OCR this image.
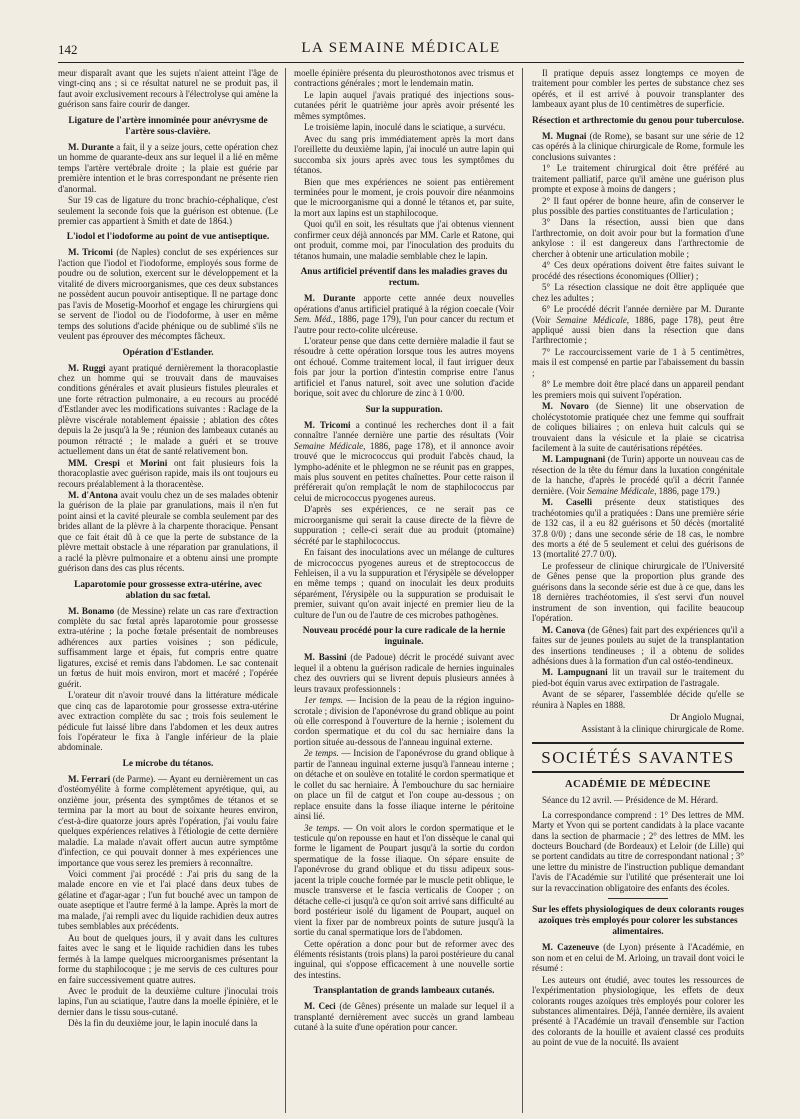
142	LA SEMAINE MÉDICALE

meur disparaît avant que les sujets n'aient atteint l'âge de vingt-cinq ans ; si ce résultat naturel ne se produit pas, il faut avoir exclusivement recours à l'électrolyse qui amène la guérison sans faire courir de danger.

Ligature de l'artère innominée pour anévrysme de l'artère sous-clavière.

M. Durante a fait, il y a seize jours, cette opération chez un homme de quarante-deux ans sur lequel il a lié en même temps l'artère vertébrale droite ; la plaie est guérie par première intention et le bras correspondant ne présente rien d'anormal.

Sur 19 cas de ligature du tronc brachio-céphalique, c'est seulement la seconde fois que la guérison est obtenue. (Le premier cas appartient à Smith et date de 1864.)

L'iodol et l'iodoforme au point de vue antiseptique.

M. Tricomi (de Naples) conclut de ses expériences sur l'action que l'iodol et l'iodoforme, employés sous forme de poudre ou de solution, exercent sur le développement et la vitalité de divers microorganismes, que ces deux substances ne possèdent aucun pouvoir antiseptique. Il ne partage donc pas l'avis de Mosetig-Moorhof et engage les chirurgiens qui se servent de l'iodol ou de l'iodoforme, à user en même temps des solutions d'acide phénique ou de sublimé s'ils ne veulent pas éprouver des mécomptes fâcheux.

Opération d'Estlander.

M. Ruggi ayant pratiqué dernièrement la thoracoplastie chez un homme qui se trouvait dans de mauvaises conditions générales et avait plusieurs fistules pleurales et une forte rétraction pulmonaire, a eu recours au procédé d'Estlander avec les modifications suivantes : Raclage de la plèvre viscérale notablement épaissie ; ablation des côtes depuis la 2e jusqu'à la 9e ; réunion des lambeaux cutanés au poumon rétracté ; le malade a guéri et se trouve actuellement dans un état de santé relativement bon.

MM. Crespi et Morini ont fait plusieurs fois la thoracoplastie avec guérison rapide, mais ils ont toujours eu recours préalablement à la thoracentèse.

M. d'Antona avait voulu chez un de ses malades obtenir la guérison de la plaie par granulations, mais il n'en fut point ainsi et la cavité pleurale se combla seulement par des brides allant de la plèvre à la charpente thoracique. Pensant que ce fait était dû à ce que la perte de substance de la plèvre mettait obstacle à une réparation par granulations, il a raclé la plèvre pulmonaire et a obtenu ainsi une prompte guérison dans des cas plus récents.

Laparotomie pour grossesse extra-utérine, avec ablation du sac fœtal.

M. Bonamo (de Messine) relate un cas rare d'extraction complète du sac fœtal après laparotomie pour grossesse extra-utérine ; la poche fœtale présentait de nombreuses adhérences aux parties voisines ; son pédicule, suffisamment large et épais, fut compris entre quatre ligatures, excisé et remis dans l'abdomen. Le sac contenait un fœtus de huit mois environ, mort et macéré ; l'opérée guérit.

L'orateur dit n'avoir trouvé dans la littérature médicale que cinq cas de laparotomie pour grossesse extra-utérine avec extraction complète du sac ; trois fois seulement le pédicule fut laissé libre dans l'abdomen et les deux autres fois l'opérateur le fixa à l'angle inférieur de la plaie abdominale.

Le microbe du tétanos.

M. Ferrari (de Parme). — Ayant eu dernièrement un cas d'ostéomyélite à forme complètement apyrétique, qui, au onzième jour, présenta des symptômes de tétanos et se termina par la mort au bout de soixante heures environ, c'est-à-dire quatorze jours après l'opération, j'ai voulu faire quelques expériences relatives à l'étiologie de cette dernière maladie. La malade n'avait offert aucun autre symptôme d'infection, ce qui pouvait donner à mes expériences une importance que vous serez les premiers à reconnaître.

Voici comment j'ai procédé : J'ai pris du sang de la malade encore en vie et l'ai placé dans deux tubes de gélatine et d'agar-agar ; l'un fut bouché avec un tampon de ouate aseptique et l'autre fermé à la lampe. Après la mort de ma malade, j'ai rempli avec du liquide rachidien deux autres tubes semblables aux précédents.

Au bout de quelques jours, il y avait dans les cultures faites avec le sang et le liquide rachidien dans les tubes fermés à la lampe quelques microorganismes présentant la forme du staphilocoque ; je me servis de ces cultures pour en faire successivement quatre autres.

Avec le produit de la deuxième culture j'inoculai trois lapins, l'un au sciatique, l'autre dans la moelle épinière, et le dernier dans le tissu sous-cutané.

Dès la fin du deuxième jour, le lapin inoculé dans la

moelle épinière présenta du pleurosthotonos avec trismus et contractions générales ; mort le lendemain matin.

Le lapin auquel j'avais pratiqué des injections sous-cutanées périt le quatrième jour après avoir présenté les mêmes symptômes.

Le troisième lapin, inoculé dans le sciatique, a survécu.

Avec du sang pris immédiatement après la mort dans l'oreillette du deuxième lapin, j'ai inoculé un autre lapin qui succomba six jours après avec tous les symptômes du tétanos.

Bien que mes expériences ne soient pas entièrement terminées pour le moment, je crois pouvoir dire néanmoins que le microorganisme qui a donné le tétanos et, par suite, la mort aux lapins est un staphilocoque.

Quoi qu'il en soit, les résultats que j'ai obtenus viennent confirmer ceux déjà annoncés par MM. Carle et Ratone, qui ont produit, comme moi, par l'inoculation des produits du tétanos humain, une maladie semblable chez le lapin.

Anus artificiel préventif dans les maladies graves du rectum.

M. Durante apporte cette année deux nouvelles opérations d'anus artificiel pratiqué à la région coecale (Voir Sem. Méd., 1886, page 179), l'un pour cancer du rectum et l'autre pour recto-colite ulcéreuse.

L'orateur pense que dans cette dernière maladie il faut se résoudre à cette opération lorsque tous les autres moyens ont échoué. Comme traitement local, il faut irriguer deux fois par jour la portion d'intestin comprise entre l'anus artificiel et l'anus naturel, soit avec une solution d'acide borique, soit avec du chlorure de zinc à 1 0/00.

Sur la suppuration.

M. Tricomi a continué les recherches dont il a fait connaître l'année dernière une partie des résultats (Voir Semaine Médicale, 1886, page 178), et il annonce avoir trouvé que le micrococcus qui produit l'abcès chaud, la lympho-adénite et le phlegmon ne se réunit pas en grappes, mais plus souvent en petites chaînettes. Pour cette raison il préférerait qu'on remplaçât le nom de staphilococcus par celui de micrococcus pyogenes aureus.

D'après ses expériences, ce ne serait pas ce microorganisme qui serait la cause directe de la fièvre de suppuration ; celle-ci serait due au produit (ptomaïne) sécrété par le staphilococcus.

En faisant des inoculations avec un mélange de cultures de micrococcus pyogenes aureus et de streptococcus de Fehleisen, il a vu la suppuration et l'érysipèle se développer en même temps ; quand on inoculait les deux produits séparément, l'érysipèle ou la suppuration se produisait le premier, suivant qu'on avait injecté en premier lieu de la culture de l'un ou de l'autre de ces microbes pathogènes.

Nouveau procédé pour la cure radicale de la hernie inguinale.

M. Bassini (de Padoue) décrit le procédé suivant avec lequel il a obtenu la guérison radicale de hernies inguinales chez des ouvriers qui se livrent depuis plusieurs années à leurs travaux professionnels :

1er temps. — Incision de la peau de la région inguino-scrotale ; division de l'aponévrose du grand oblique au point où elle correspond à l'ouverture de la hernie ; isolement du cordon spermatique et du col du sac herniaire dans la portion située au-dessous de l'anneau inguinal externe.

2e temps. — Incision de l'aponévrose du grand oblique à partir de l'anneau inguinal externe jusqu'à l'anneau interne ; on détache et on soulève en totalité le cordon spermatique et le collet du sac herniaire. À l'embouchure du sac herniaire on place un fil de catgut et l'on coupe au-dessous ; on replace ensuite dans la fosse iliaque interne le péritoine ainsi lié.

3e temps. — On voit alors le cordon spermatique et le testicule qu'on repousse en haut et l'on dissèque le canal qui forme le ligament de Poupart jusqu'à la sortie du cordon spermatique de la fosse iliaque. On sépare ensuite de l'aponévrose du grand oblique et du tissu adipeux sous-jacent la triple couche formée par le muscle petit oblique, le muscle transverse et le fascia verticalis de Cooper ; on détache celle-ci jusqu'à ce qu'on soit arrivé sans difficulté au bord postérieur isolé du ligament de Poupart, auquel on vient la fixer par de nombreux points de suture jusqu'à la sortie du canal spermatique lors de l'abdomen.

Cette opération a donc pour but de reformer avec des éléments résistants (trois plans) la paroi postérieure du canal inguinal, qui s'oppose efficacement à une nouvelle sortie des intestins.

Transplantation de grands lambeaux cutanés.

M. Ceci (de Gênes) présente un malade sur lequel il a transplanté dernièrement avec succès un grand lambeau cutané à la suite d'une opération pour cancer.

Il pratique depuis assez longtemps ce moyen de traitement pour combler les pertes de substance chez ses opérés, et il est arrivé à pouvoir transplanter des lambeaux ayant plus de 10 centimètres de superficie.

Résection et arthrectomie du genou pour tuberculose.

M. Mugnai (de Rome), se basant sur une série de 12 cas opérés à la clinique chirurgicale de Rome, formule les conclusions suivantes :

1° Le traitement chirurgical doit être préféré au traitement palliatif, parce qu'il amène une guérison plus prompte et expose à moins de dangers ;

2° Il faut opérer de bonne heure, afin de conserver le plus possible des parties constituantes de l'articulation ;

3° Dans la résection, aussi bien que dans l'arthrectomie, on doit avoir pour but la formation d'une ankylose : il est dangereux dans l'arthrectomie de chercher à obtenir une articulation mobile ;

4° Ces deux opérations doivent être faites suivant le procédé des résections économiques (Ollier) ;

5° La résection classique ne doit être appliquée que chez les adultes ;

6° Le procédé décrit l'année dernière par M. Durante (Voir Semaine Médicale, 1886, page 178), peut être appliqué aussi bien dans la résection que dans l'arthrectomie ;

7° Le raccourcissement varie de 1 à 5 centimètres, mais il est compensé en partie par l'abaissement du bassin ;

8° Le membre doit être placé dans un appareil pendant les premiers mois qui suivent l'opération.

M. Novaro (de Sienne) lit une observation de cholécystotomie pratiquée chez une femme qui souffrait de coliques biliaires ; on enleva huit calculs qui se trouvaient dans la vésicule et la plaie se cicatrisa facilement à la suite de cautérisations répétées.

M. Lampugnani (de Turin) apporte un nouveau cas de résection de la tête du fémur dans la luxation congénitale de la hanche, d'après le procédé qu'il a décrit l'année dernière. (Voir Semaine Médicale, 1886, page 179.)

M. Caselli présente deux statistiques des trachéotomies qu'il a pratiquées : Dans une première série de 132 cas, il a eu 82 guérisons et 50 décès (mortalité 37.8 0/0) ; dans une seconde série de 18 cas, le nombre des morts a été de 5 seulement et celui des guérisons de 13 (mortalité 27.7 0/0).

Le professeur de clinique chirurgicale de l'Université de Gênes pense que la proportion plus grande des guérisons dans la seconde série est due à ce que, dans les 18 dernières trachéotomies, il s'est servi d'un nouvel instrument de son invention, qui facilite beaucoup l'opération.

M. Canova (de Gênes) fait part des expériences qu'il a faites sur de jeunes poulets au sujet de la transplantation des insertions tendineuses ; il a obtenu de solides adhésions dues à la formation d'un cal ostéo-tendineux.

M. Lampugnani lit un travail sur le traitement du pied-bot équin varus avec extirpation de l'astragale.

Avant de se séparer, l'assemblée décide qu'elle se réunira à Naples en 1888.

Dr Angiolo Mugnai,

Assistant à la clinique chirurgicale de Rome.

SOCIÉTÉS SAVANTES
ACADÉMIE DE MÉDECINE

Séance du 12 avril. — Présidence de M. Hérard.

La correspondance comprend : 1° Des lettres de MM. Marty et Yvon qui se portent candidats à la place vacante dans la section de pharmacie ; 2° des lettres de MM. les docteurs Bouchard (de Bordeaux) et Leloir (de Lille) qui se portent candidats au titre de correspondant national ; 3° une lettre du ministre de l'instruction publique demandant l'avis de l'Académie sur l'utilité que présenterait une loi sur la revaccination obligatoire des enfants des écoles.

Sur les effets physiologiques de deux colorants rouges azoïques très employés pour colorer les substances alimentaires.

M. Cazeneuve (de Lyon) présente à l'Académie, en son nom et en celui de M. Arloing, un travail dont voici le résumé :

Les auteurs ont étudié, avec toutes les ressources de l'expérimentation physiologique, les effets de deux colorants rouges azoïques très employés pour colorer les substances alimentaires. Déjà, l'année dernière, ils avaient présenté à l'Académie un travail d'ensemble sur l'action des colorants de la houille et avaient classé ces produits au point de vue de la nocuité. Ils avaient
